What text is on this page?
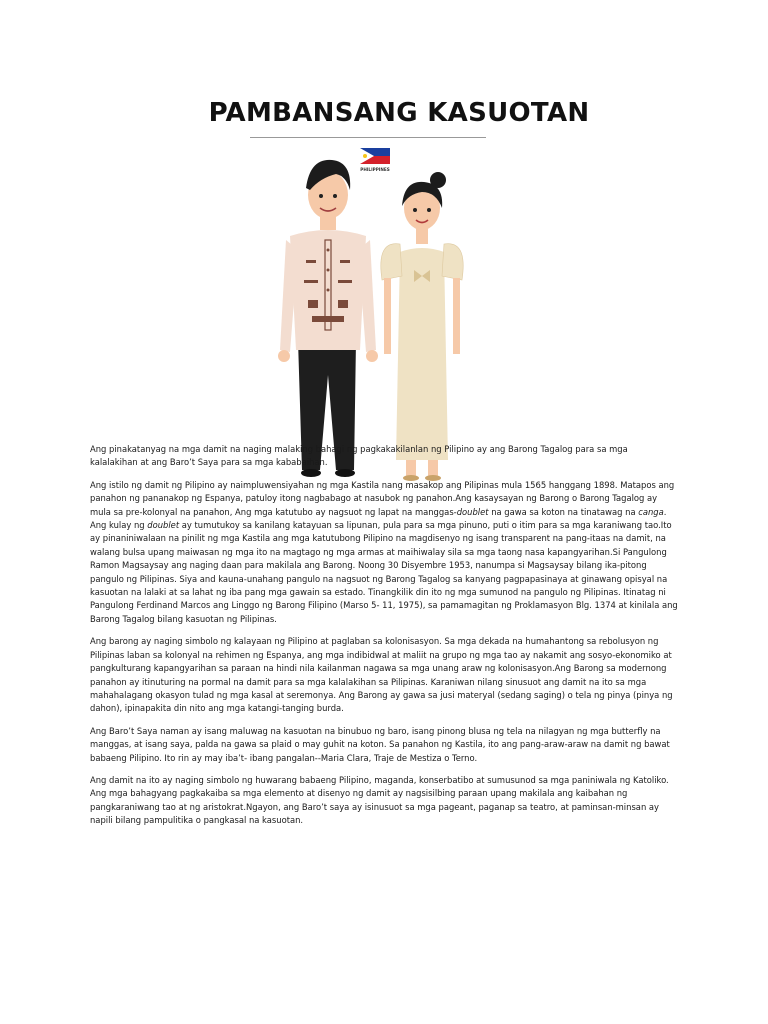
PAMBANSANG KASUOTAN
PHILIPPINES

Ang pinakatanyag na mga damit na naging malaking bahagi ng pagkakakilanlan ng Pilipino ay ang Barong Tagalog para sa mga kalalakihan at ang Baro’t Saya para sa mga kababaihan.

Ang istilo ng damit ng Pilipino ay naimpluwensiyahan ng mga Kastila nang masakop ang Pilipinas mula 1565 hanggang 1898. Matapos ang panahon ng pananakop ng Espanya, patuloy itong nagbabago at nasubok ng panahon.Ang kasaysayan ng Barong o Barong Tagalog ay mula sa pre-kolonyal na panahon, Ang mga katutubo ay nagsuot ng lapat na manggas-doublet na gawa sa koton na tinatawag na canga. Ang kulay ng doublet ay tumutukoy sa kanilang katayuan sa lipunan, pula para sa mga pinuno, puti o itim para sa mga karaniwang tao.Ito ay pinaniniwalaan na pinilit ng mga Kastila ang mga katutubong Pilipino na magdisenyo ng isang transparent na pang-itaas na damit, na walang bulsa upang maiwasan ng mga ito na magtago ng mga armas at maihiwalay sila sa mga taong nasa kapangyarihan.Si Pangulong Ramon Magsaysay ang naging daan para makilala ang Barong. Noong 30 Disyembre 1953, nanumpa si Magsaysay bilang ika-pitong pangulo ng Pilipinas. Siya and kauna-unahang pangulo na nagsuot ng Barong Tagalog sa kanyang pagpapasinaya at ginawang opisyal na kasuotan na lalaki at sa lahat ng iba pang mga gawain sa estado. Tinangkilik din ito ng mga sumunod na pangulo ng Pilipinas. Itinatag ni Pangulong Ferdinand Marcos ang Linggo ng Barong Filipino (Marso 5- 11, 1975), sa pamamagitan ng Proklamasyon Blg. 1374 at kinilala ang Barong Tagalog bilang kasuotan ng Pilipinas.

Ang barong ay naging simbolo ng kalayaan ng Pilipino at paglaban sa kolonisasyon. Sa mga dekada na humahantong sa rebolusyon ng Pilipinas laban sa kolonyal na rehimen ng Espanya, ang mga indibidwal at maliit na grupo ng mga tao ay nakamit ang sosyo-ekonomiko at pangkulturang kapangyarihan sa paraan na hindi nila kailanman nagawa sa mga unang araw ng kolonisasyon.Ang Barong sa modernong panahon ay itinuturing na pormal na damit para sa mga kalalakihan sa Pilipinas. Karaniwan nilang sinusuot ang damit na ito sa mga mahahalagang okasyon tulad ng mga kasal at seremonya. Ang Barong ay gawa sa jusi materyal (sedang saging) o tela ng pinya (pinya ng dahon), ipinapakita din nito ang mga katangi-tanging burda.

Ang Baro’t Saya naman ay isang maluwag na kasuotan na binubuo ng baro, isang pinong blusa ng tela na nilagyan ng mga butterfly na manggas, at isang saya, palda na gawa sa plaid o may guhit na koton. Sa panahon ng Kastila, ito ang pang-araw-araw na damit ng bawat babaeng Pilipino. Ito rin ay may iba’t- ibang pangalan--Maria Clara, Traje de Mestiza o Terno.

Ang damit na ito ay naging simbolo ng huwarang babaeng Pilipino, maganda, konserbatibo at sumusunod sa mga paniniwala ng Katoliko. Ang mga bahagyang pagkakaiba sa mga elemento at disenyo ng damit ay nagsisilbing paraan upang makilala ang kaibahan ng pangkaraniwang tao at ng aristokrat.Ngayon, ang Baro’t saya ay isinusuot sa mga pageant, paganap sa teatro, at paminsan-minsan ay napili bilang pampulitika o pangkasal na kasuotan.
